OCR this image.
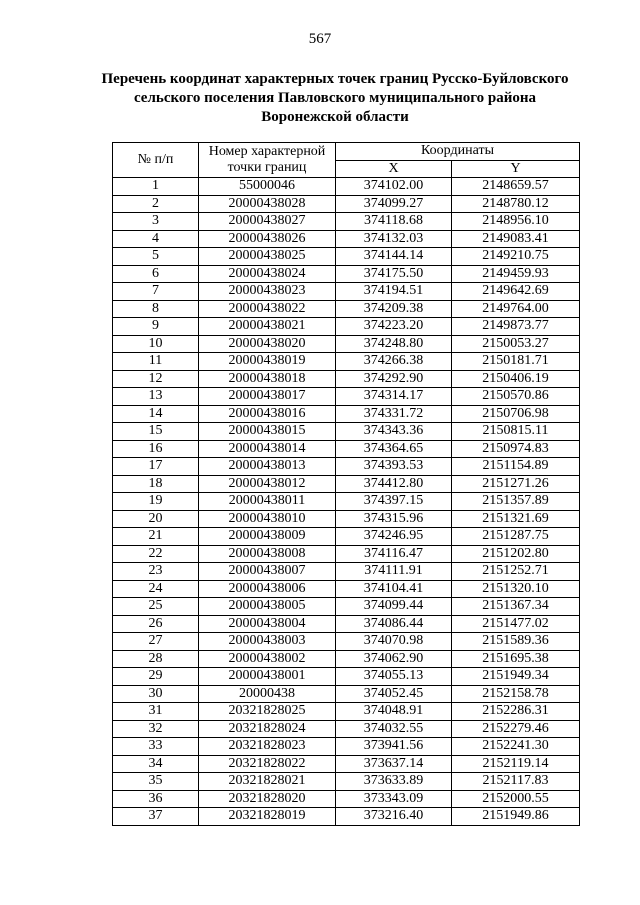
567
Перечень координат характерных точек границ Русско-Буйловского сельского поселения Павловского муниципального района Воронежской области
№ п/п	Номер характерной точки границ	Координаты	
		X	Y
1	55000046	374102.00	2148659.57
2	20000438028	374099.27	2148780.12
3	20000438027	374118.68	2148956.10
4	20000438026	374132.03	2149083.41
5	20000438025	374144.14	2149210.75
6	20000438024	374175.50	2149459.93
7	20000438023	374194.51	2149642.69
8	20000438022	374209.38	2149764.00
9	20000438021	374223.20	2149873.77
10	20000438020	374248.80	2150053.27
11	20000438019	374266.38	2150181.71
12	20000438018	374292.90	2150406.19
13	20000438017	374314.17	2150570.86
14	20000438016	374331.72	2150706.98
15	20000438015	374343.36	2150815.11
16	20000438014	374364.65	2150974.83
17	20000438013	374393.53	2151154.89
18	20000438012	374412.80	2151271.26
19	20000438011	374397.15	2151357.89
20	20000438010	374315.96	2151321.69
21	20000438009	374246.95	2151287.75
22	20000438008	374116.47	2151202.80
23	20000438007	374111.91	2151252.71
24	20000438006	374104.41	2151320.10
25	20000438005	374099.44	2151367.34
26	20000438004	374086.44	2151477.02
27	20000438003	374070.98	2151589.36
28	20000438002	374062.90	2151695.38
29	20000438001	374055.13	2151949.34
30	20000438	374052.45	2152158.78
31	20321828025	374048.91	2152286.31
32	20321828024	374032.55	2152279.46
33	20321828023	373941.56	2152241.30
34	20321828022	373637.14	2152119.14
35	20321828021	373633.89	2152117.83
36	20321828020	373343.09	2152000.55
37	20321828019	373216.40	2151949.86
